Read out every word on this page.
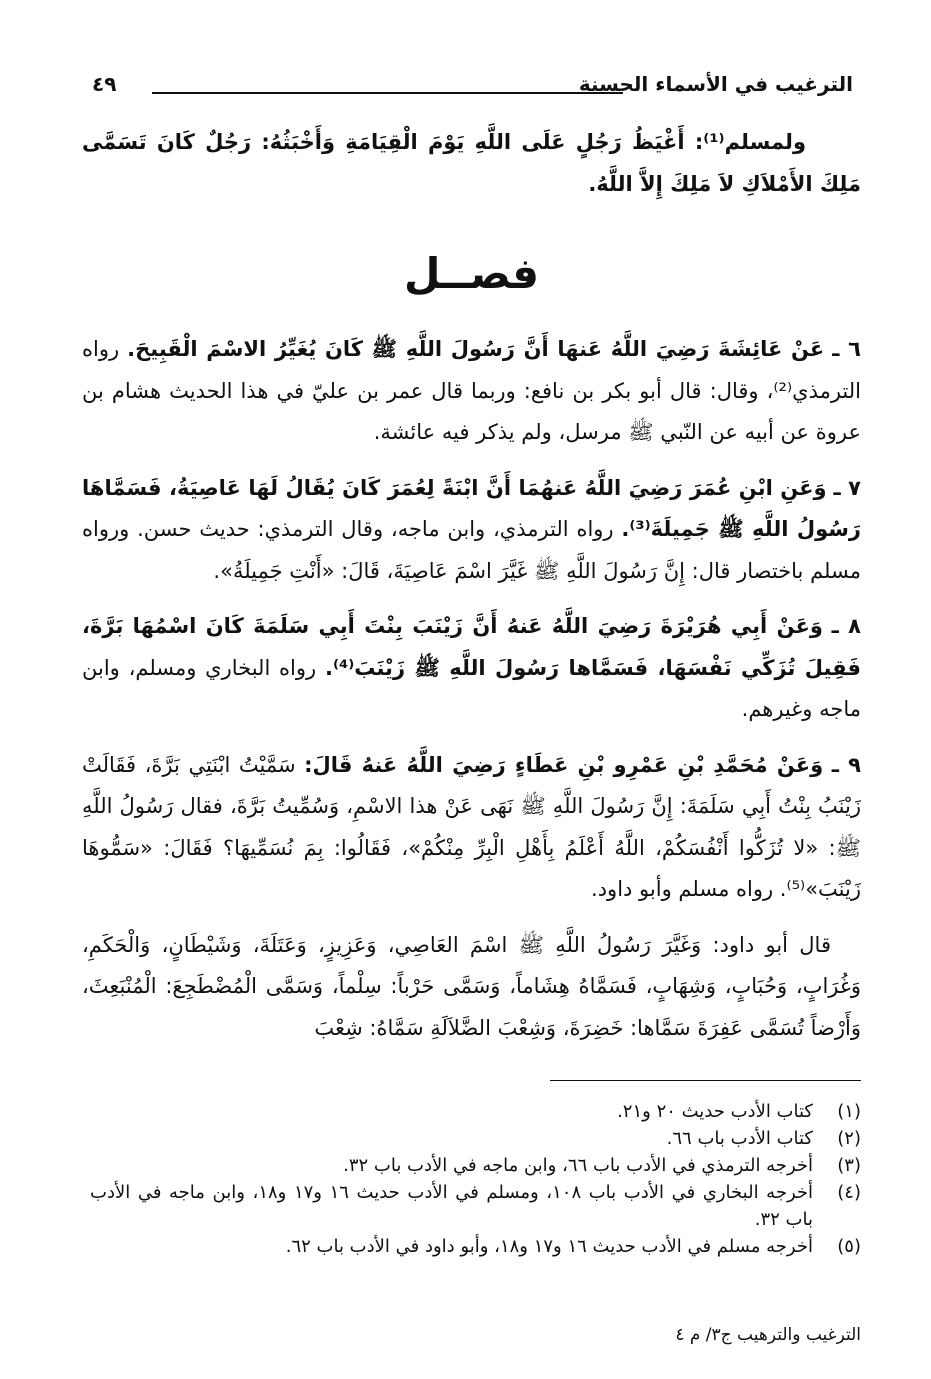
الترغيب في الأسماء الحسنة
٤٩

ولمسلم⁽¹⁾: أَغْيَظُ رَجُلٍ عَلَى اللَّهِ يَوْمَ الْقِيَامَةِ وَأَخْبَثُهُ: رَجُلٌ كَانَ تَسَمَّى مَلِكَ الأَمْلاَكِ لاَ مَلِكَ إِلاَّ اللَّهُ.

فصــل

٦ ـ عَنْ عَائِشَةَ رَضِيَ اللَّهُ عَنهَا أَنَّ رَسُولَ اللَّهِ ﷺ كَانَ يُغَيِّرُ الاسْمَ الْقَبِيحَ. رواه الترمذي⁽²⁾، وقال: قال أبو بكر بن نافع: وربما قال عمر بن عليّ في هذا الحديث هشام بن عروة عن أبيه عن النّبي ﷺ مرسل، ولم يذكر فيه عائشة.

٧ ـ وَعَنِ ابْنِ عُمَرَ رَضِيَ اللَّهُ عَنهُمَا أَنَّ ابْنَةً لِعُمَرَ كَانَ يُقَالُ لَهَا عَاصِيَةُ، فَسَمَّاهَا رَسُولُ اللَّهِ ﷺ جَمِيلَةَ⁽³⁾. رواه الترمذي، وابن ماجه، وقال الترمذي: حديث حسن. ورواه مسلم باختصار قال: إِنَّ رَسُولَ اللَّهِ ﷺ غَيَّرَ اسْمَ عَاصِيَةَ، قَالَ: «أَنْتِ جَمِيلَةُ».

٨ ـ وَعَنْ أَبِي هُرَيْرَةَ رَضِيَ اللَّهُ عَنهُ أَنَّ زَيْنَبَ بِنْتَ أَبِي سَلَمَةَ كَانَ اسْمُهَا بَرَّةَ، فَقِيلَ تُزَكِّي نَفْسَهَا، فَسَمَّاها رَسُولَ اللَّهِ ﷺ زَيْنَبَ⁽⁴⁾. رواه البخاري ومسلم، وابن ماجه وغيرهم.

٩ ـ وَعَنْ مُحَمَّدِ بْنِ عَمْرِو بْنِ عَطَاءٍ رَضِيَ اللَّهُ عَنهُ قَالَ: سَمَّيْتُ ابْنَتِي بَرَّةَ، فَقَالَتْ زَيْنَبُ بِنْتُ أَبِي سَلَمَةَ: إِنَّ رَسُولَ اللَّهِ ﷺ نَهَى عَنْ هذا الاسْمِ، وَسُمِّيتُ بَرَّةَ، فقال رَسُولُ اللَّهِ ﷺ: «لا تُزَكُّوا أَنْفُسَكُمْ، اللَّهُ أَعْلَمُ بِأَهْلِ الْبِرِّ مِنْكُمْ»، فَقَالُوا: بِمَ نُسَمِّيهَا؟ فَقَالَ: «سَمُّوهَا زَيْنَبَ»⁽⁵⁾. رواه مسلم وأبو داود.

قال أبو داود: وَغَيَّرَ رَسُولُ اللَّهِ ﷺ اسْمَ العَاصِي، وَعَزِيزٍ، وَعَتَلَةَ، وَشَيْطَانٍ، وَالْحَكَمِ، وَغُرَابٍ، وَحُبَابٍ، وَشِهَابٍ، فَسَمَّاهُ هِشَاماً، وَسَمَّى حَرْباً: سِلْماً، وَسَمَّى الْمُضْطَجِعَ: الْمُنْبَعِثَ، وَأَرْضاً تُسَمَّى عَفِرَةَ سَمَّاها: خَضِرَةَ، وَشِعْبَ الضَّلاَلَةِ سَمَّاهُ: شِعْبَ

(١)
كتاب الأدب حديث ٢٠ و٢١.
(٢)
كتاب الأدب باب ٦٦.
(٣)
أخرجه الترمذي في الأدب باب ٦٦، وابن ماجه في الأدب باب ٣٢.
(٤)
أخرجه البخاري في الأدب باب ١٠٨، ومسلم في الأدب حديث ١٦ و١٧ و١٨، وابن ماجه في الأدب باب ٣٢.
(٥)
أخرجه مسلم في الأدب حديث ١٦ و١٧ و١٨، وأبو داود في الأدب باب ٦٢.
الترغيب والترهيب ج٣/ م ٤
